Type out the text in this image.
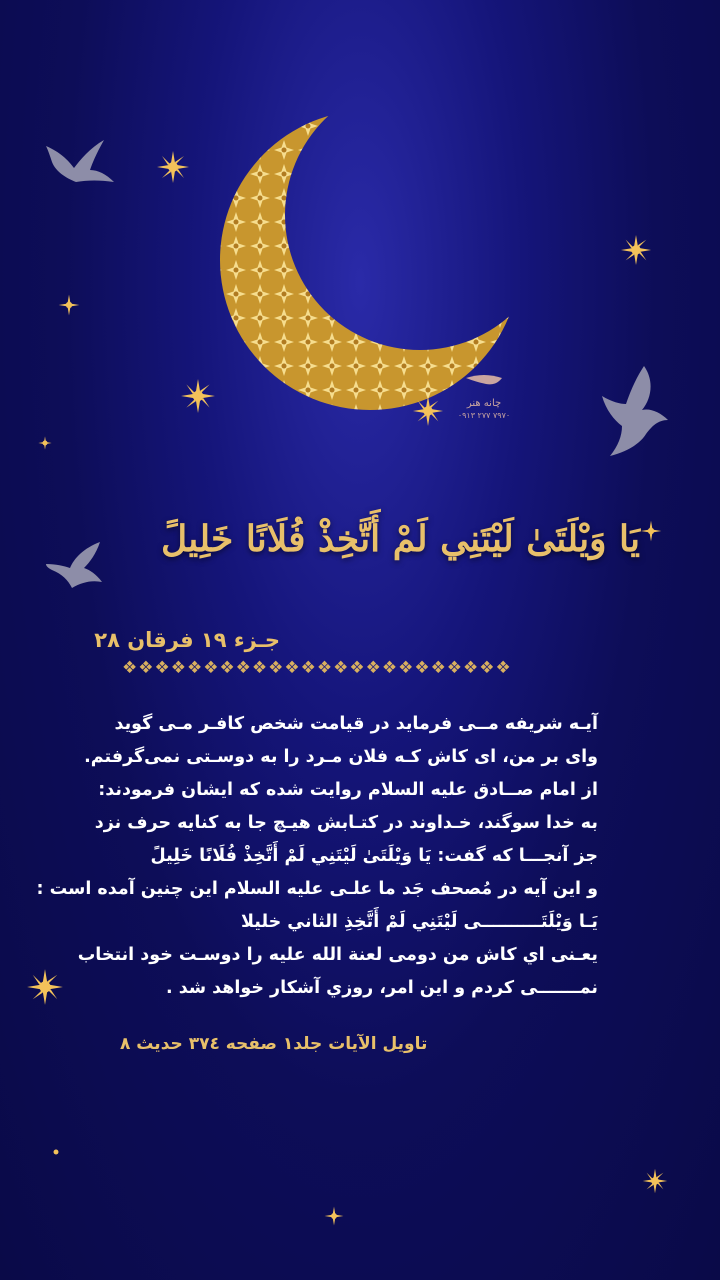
چانه هنر
۰۹۱۳ ۲۷۷ ۷۹۷۰
يَا وَيْلَتَىٰ لَيْتَنِي لَمْ أَتَّخِذْ فُلَانًا خَلِيلً
جـزء ۱۹ فرقان ۲۸
❖❖❖❖❖❖❖❖❖❖❖❖❖❖❖❖❖❖❖❖❖❖❖❖
آیـه شریفه مــی فرماید در قیامت شخص کافـر مـی گوید
وای بر من، ای کاش کـه فلان مـرد را به دوسـتی نمی‌گرفتم.
از امام صــادق عليه السلام روایت شده که ایشان فرمودند:
به خدا سوگند، خـداوند در کتـابش هیـچ جا به کنایه حرف نزد
جز آنجـــا که گفت: يَا وَيْلَتَىٰ لَيْتَنِي لَمْ أَتَّخِذْ فُلَانًا خَلِيلً
و این آیه در مُصحف جَد ما علـی عليه السلام اين چنين آمده است :
يَـا وَيْلَتَــــــــــى لَيْتَنِي لَمْ أَتَّخِذِ الثاني خليلا
يعـنى اي كاش من دومی لعنة الله عليه را دوسـت خود انتخاب
نمـــــــی کردم و این امر، روزي آشکار خواهد شد .
تاویل الآیات جلد۱ صفحه ۳۷٤ حديث ۸
